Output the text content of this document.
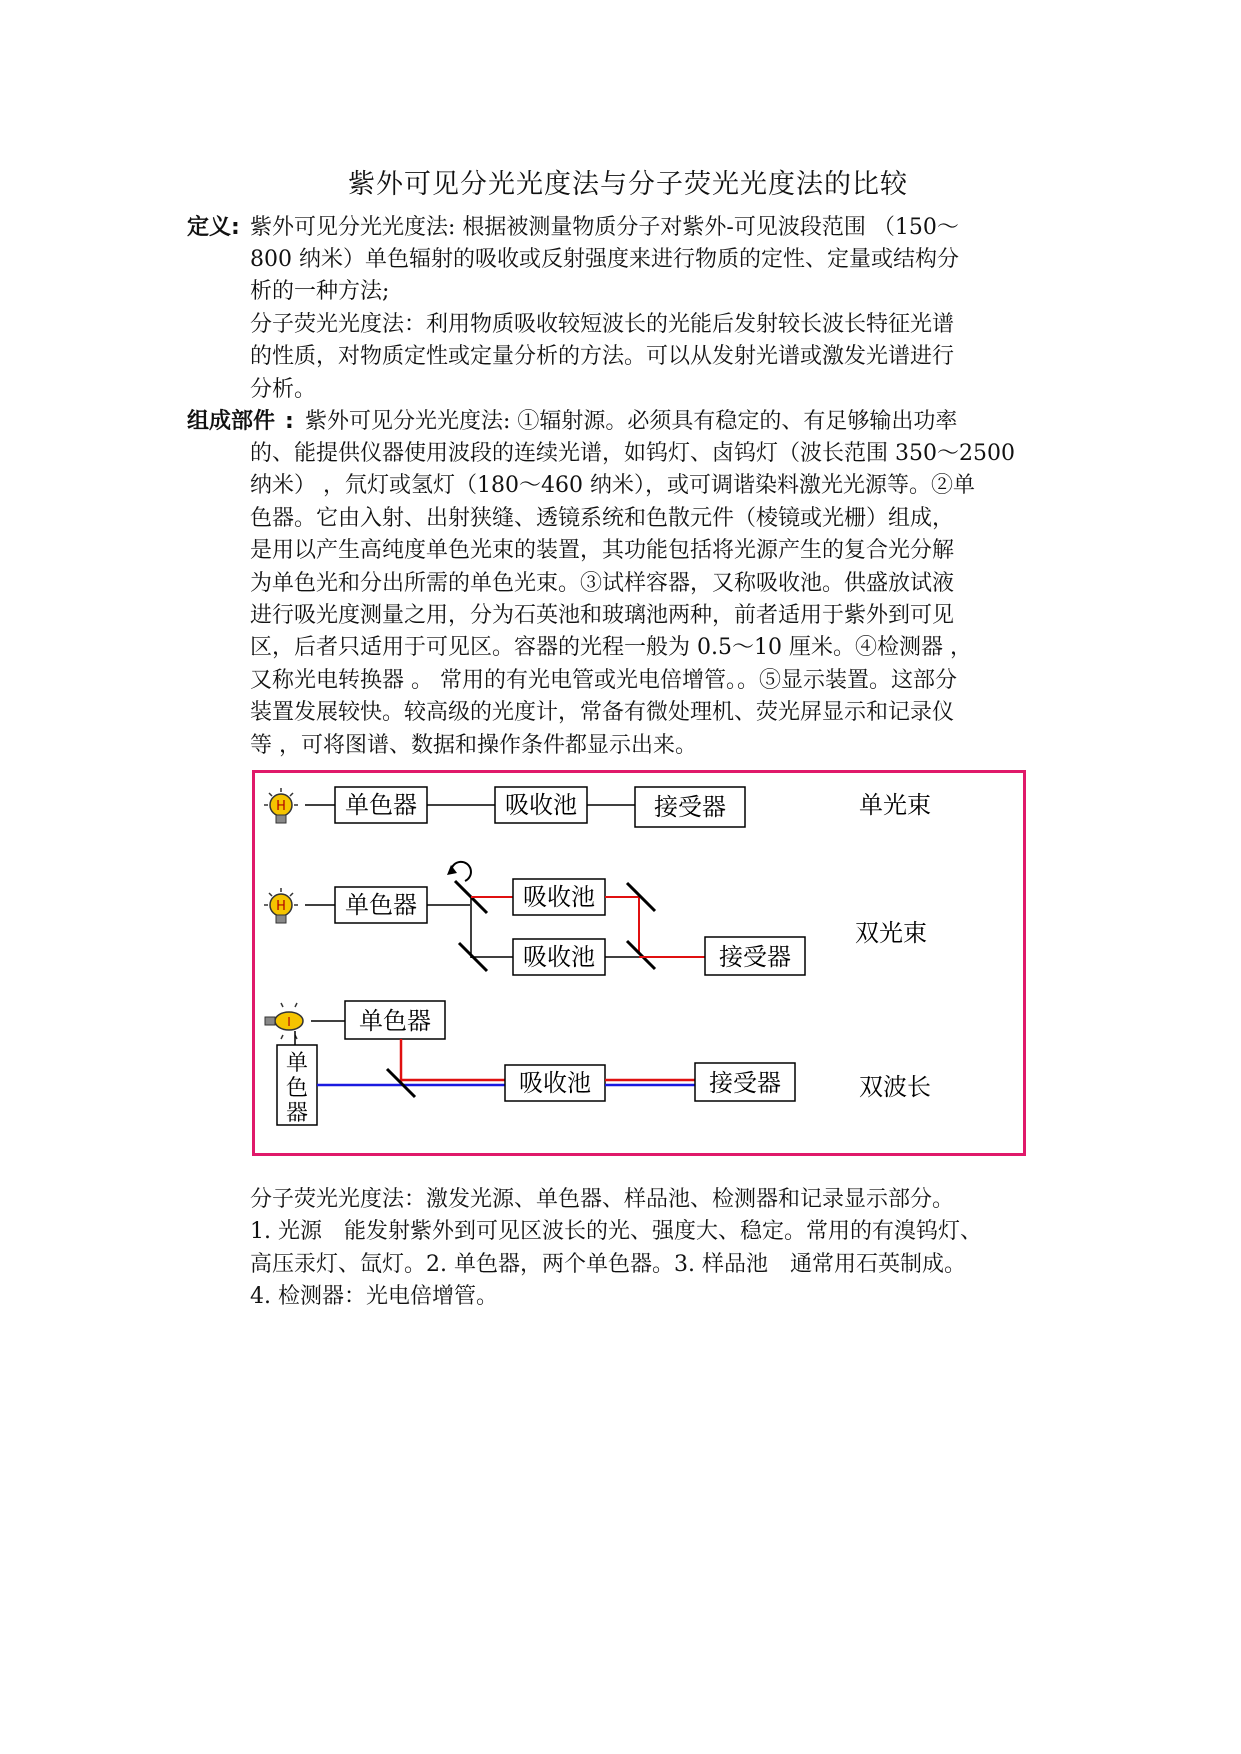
紫外可见分光光度法与分子荧光光度法的比较
定义 : 紫外可见分光光度法: 根据被测量物质分子对紫外-可见波段范围 （150～
800 纳米）单色辐射的吸收或反射强度来进行物质的定性、定量或结构分
析的一种方法;
分子荧光光度法：利用物质吸收较短波长的光能后发射较长波长特征光谱
的性质，对物质定性或定量分析的方法。可以从发射光谱或激发光谱进行
分析。
组成部件 : 紫外可见分光光度法: ①辐射源。必须具有稳定的、有足够输出功率
的、能提供仪器使用波段的连续光谱，如钨灯、卤钨灯（波长范围 350～2500
纳米） ，氘灯或氢灯（180～460 纳米），或可调谐染料激光光源等。②单
色器。它由入射、出射狭缝、透镜系统和色散元件（棱镜或光栅）组成，
是用以产生高纯度单色光束的装置，其功能包括将光源产生的复合光分解
为单色光和分出所需的单色光束。③试样容器，又称吸收池。供盛放试液
进行吸光度测量之用，分为石英池和玻璃池两种，前者适用于紫外到可见
区，后者只适用于可见区。容器的光程一般为 0.5～10 厘米。④检测器 ，
又称光电转换器 。 常用的有光电管或光电倍增管。。⑤显示装置。这部分
装置发展较快。较高级的光度计，常备有微处理机、荧光屏显示和记录仪
等 ，可将图谱、数据和操作条件都显示出来。
H
单色器	吸收池	接受器	单光束
单色器	吸收池
吸收池	接受器
双光束
I	单色器
单
色
器
吸收池	接受器	双波长
分子荧光光度法：激发光源、单色器、样品池、检测器和记录显示部分。
1. 光源　能发射紫外到可见区波长的光、强度大、稳定。常用的有溴钨灯、
高压汞灯、氙灯。2. 单色器，两个单色器。3. 样品池　通常用石英制成。
4. 检测器：光电倍增管。
